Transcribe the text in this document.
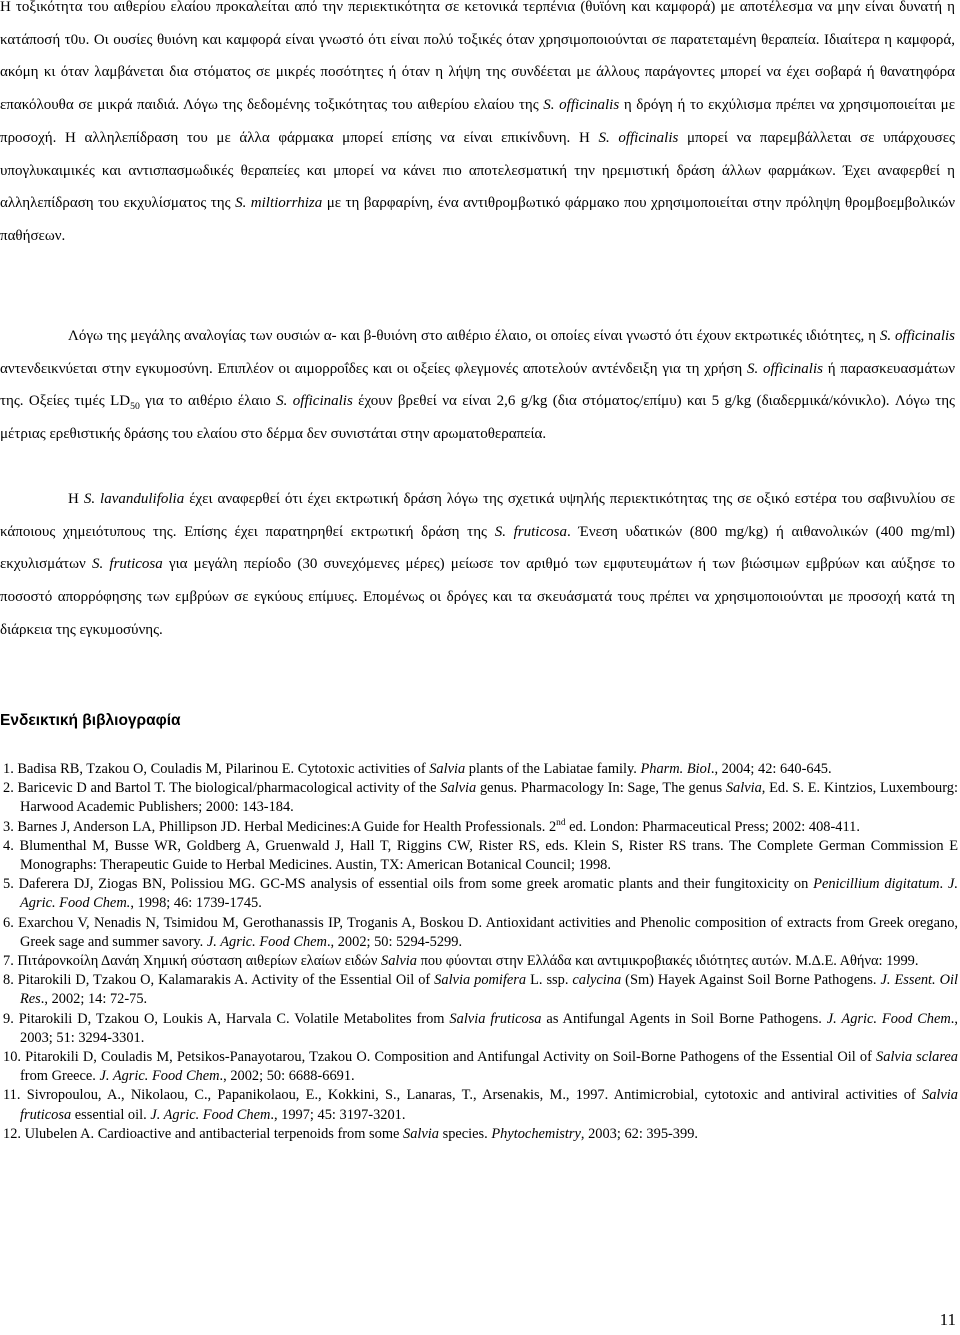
Η τοξικότητα του αιθερίου ελαίου προκαλείται από την περιεκτικότητα σε κετονικά τερπένια (θυϊόνη και καμφορά) με αποτέλεσμα να μην είναι δυνατή η κατάποσή τ0υ. Οι ουσίες θυιόνη και καμφορά είναι γνωστό ότι είναι πολύ τοξικές όταν χρησιμοποιούνται σε παρατεταμένη θεραπεία. Ιδιαίτερα η καμφορά, ακόμη κι όταν λαμβάνεται δια στόματος σε μικρές ποσότητες ή όταν η λήψη της συνδέεται με άλλους παράγοντες μπορεί να έχει σοβαρά ή θανατηφόρα επακόλουθα σε μικρά παιδιά. Λόγω της δεδομένης τοξικότητας του αιθερίου ελαίου της S. officinalis η δρόγη ή το εκχύλισμα πρέπει να χρησιμοποιείται με προσοχή. Η αλληλεπίδραση του με άλλα φάρμακα μπορεί επίσης να είναι επικίνδυνη. Η S. officinalis μπορεί να παρεμβάλλεται σε υπάρχουσες υπογλυκαιμικές και αντισπασμωδικές θεραπείες και μπορεί να κάνει πιο αποτελεσματική την ηρεμιστική δράση άλλων φαρμάκων. Έχει αναφερθεί η αλληλεπίδραση του εκχυλίσματος της S. miltiorrhiza με τη βαρφαρίνη, ένα αντιθρομβωτικό φάρμακο που χρησιμοποιείται στην πρόληψη θρομβοεμβολικών παθήσεων.

Λόγω της μεγάλης αναλογίας των ουσιών α- και β-θυιόνη στο αιθέριο έλαιο, οι οποίες είναι γνωστό ότι έχουν εκτρωτικές ιδιότητες, η S. officinalis αντενδεικνύεται στην εγκυμοσύνη. Επιπλέον οι αιμορροΐδες και οι οξείες φλεγμονές αποτελούν αντένδειξη για τη χρήση S. officinalis ή παρασκευασμάτων της. Οξείες τιμές $LD_{50}$ για το αιθέριο έλαιο S. officinalis έχουν βρεθεί να είναι 2,6 g/kg (δια στόματος/επίμυ) και 5 g/kg (διαδερμικά/κόνικλο). Λόγω της μέτριας ερεθιστικής δράσης του ελαίου στο δέρμα δεν συνιστάται στην αρωματοθεραπεία.

Η S. lavandulifolia έχει αναφερθεί ότι έχει εκτρωτική δράση λόγω της σχετικά υψηλής περιεκτικότητας της σε οξικό εστέρα του σαβινυλίου σε κάποιους χημειότυπους της. Επίσης έχει παρατηρηθεί εκτρωτική δράση της S. fruticosa. Ένεση υδατικών (800 mg/kg) ή αιθανολικών (400 mg/ml) εκχυλισμάτων S. fruticosa για μεγάλη περίοδο (30 συνεχόμενες μέρες) μείωσε τον αριθμό των εμφυτευμάτων ή των βιώσιμων εμβρύων και αύξησε το ποσοστό απορρόφησης των εμβρύων σε εγκύους επίμυες. Επομένως οι δρόγες και τα σκευάσματά τους πρέπει να χρησιμοποιούνται με προσοχή κατά τη διάρκεια της εγκυμοσύνης.

Ενδεικτική βιβλιογραφία

1. Badisa RB, Tzakou O, Couladis M, Pilarinou E. Cytotoxic activities of Salvia plants of the Labiatae family. Pharm. Biol., 2004; 42: 640-645.

2. Baricevic D and Bartol T. The biological/pharmacological activity of the Salvia genus. Pharmacology In: Sage, The genus Salvia, Ed. S. E. Kintzios, Luxembourg: Harwood Academic Publishers; 2000: 143-184.

3. Barnes J, Anderson LA, Phillipson JD. Herbal Medicines:A Guide for Health Professionals. 2nd ed. London: Pharmaceutical Press; 2002: 408-411.

4. Blumenthal M, Busse WR, Goldberg A, Gruenwald J, Hall T, Riggins CW, Rister RS, eds. Klein S, Rister RS trans. The Complete German Commission E Monographs: Therapeutic Guide to Herbal Medicines. Austin, TX: American Botanical Council; 1998.

5. Daferera DJ, Ziogas BN, Polissiou MG. GC-MS analysis of essential oils from some greek aromatic plants and their fungitoxicity on Penicillium digitatum. J. Agric. Food Chem., 1998; 46: 1739-1745.

6. Exarchou V, Nenadis N, Tsimidou M, Gerothanassis IP, Troganis A, Boskou D. Antioxidant activities and Phenolic composition of extracts from Greek oregano, Greek sage and summer savory. J. Agric. Food Chem., 2002; 50: 5294-5299.

7. Πιτάρονκοίλη Δανάη Χημική σύσταση αιθερίων ελαίων ειδών Salvia που φύονται στην Ελλάδα και αντιμικροβιακές ιδιότητες αυτών. Μ.Δ.Ε. Αθήνα: 1999.

8. Pitarokili D, Tzakou O, Kalamarakis A. Activity of the Essential Oil of Salvia pomifera L. ssp. calycina (Sm) Hayek Against Soil Borne Pathogens. J. Essent. Oil Res., 2002; 14: 72-75.

9. Pitarokili D, Tzakou O, Loukis A, Harvala C. Volatile Metabolites from Salvia fruticosa as Antifungal Agents in Soil Borne Pathogens. J. Agric. Food Chem., 2003; 51: 3294-3301.

10. Pitarokili D, Couladis M, Petsikos-Panayotarou, Tzakou O. Composition and Antifungal Activity on Soil-Borne Pathogens of the Essential Oil of Salvia sclarea from Greece. J. Agric. Food Chem., 2002; 50: 6688-6691.

11. Sivropoulou, A., Nikolaou, C., Papanikolaou, E., Kokkini, S., Lanaras, T., Arsenakis, M., 1997. Antimicrobial, cytotoxic and antiviral activities of Salvia fruticosa essential oil. J. Agric. Food Chem., 1997; 45: 3197-3201.

12. Ulubelen A. Cardioactive and antibacterial terpenoids from some Salvia species. Phytochemistry, 2003; 62: 395-399.

11
